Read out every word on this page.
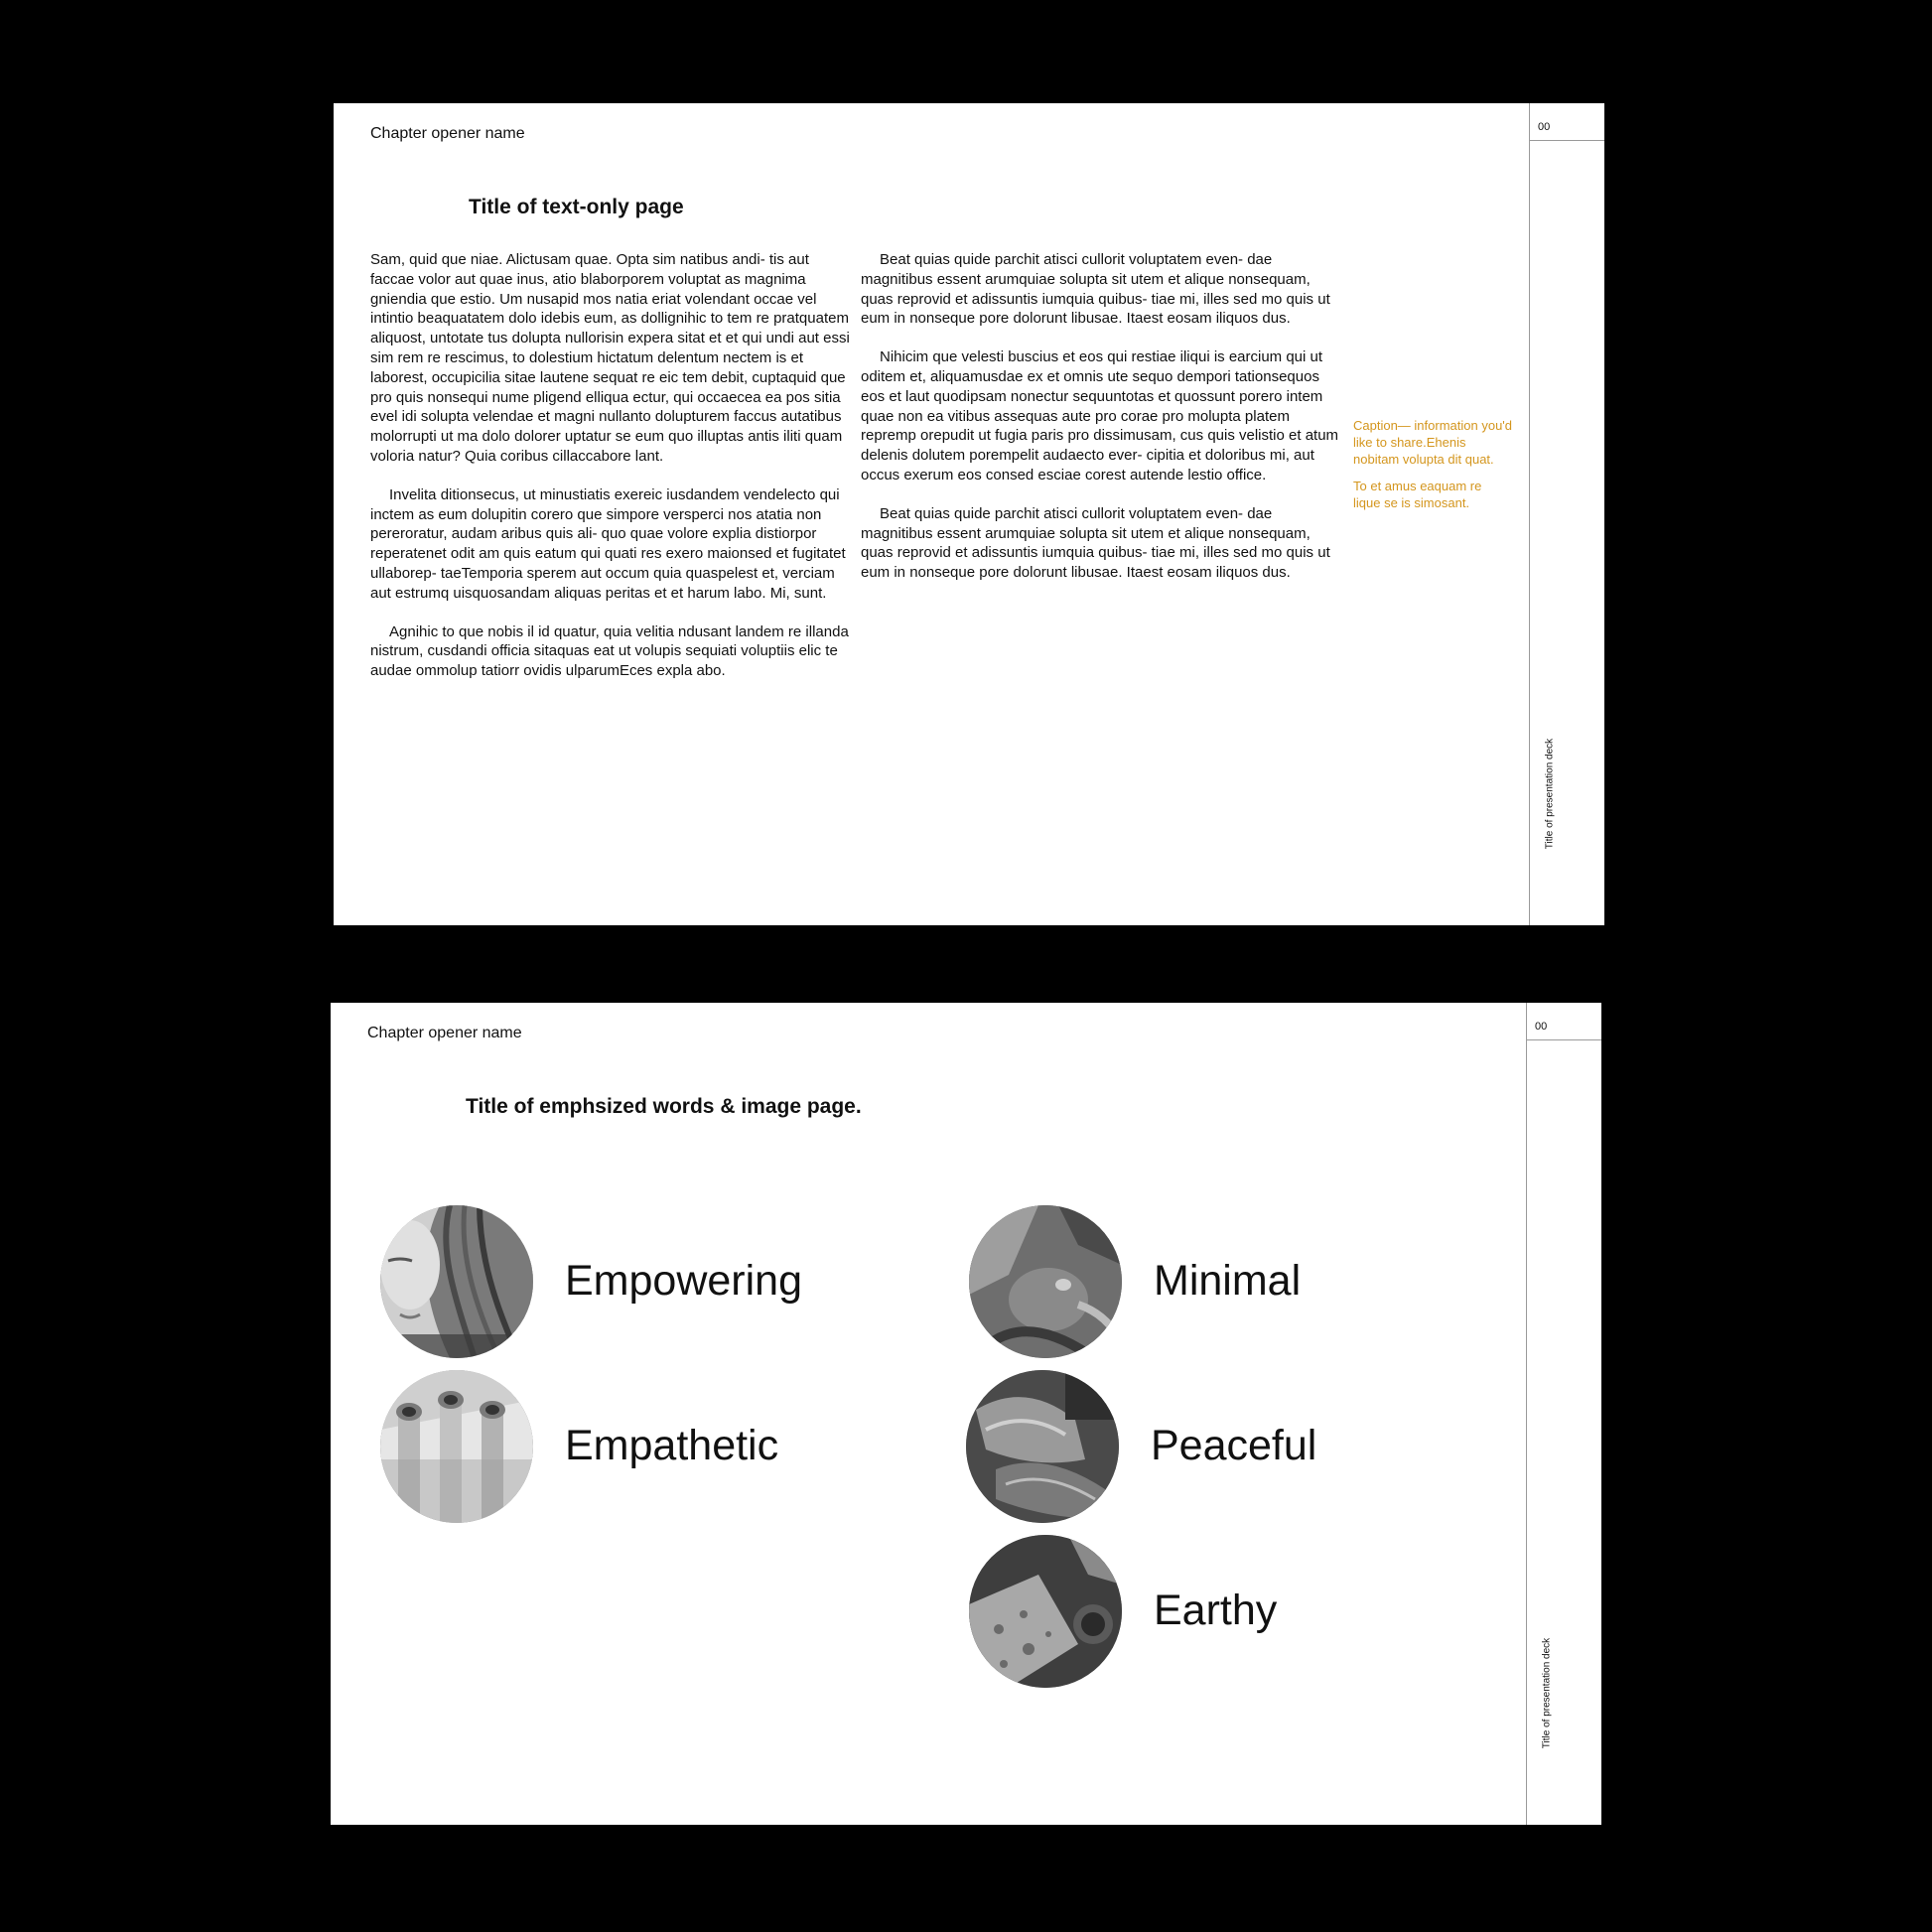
Chapter opener name	00
Title of presentation deck
Title of text-only page

Sam, quid que niae. Alictusam quae. Opta sim natibus andi- tis aut faccae volor aut quae inus, atio blaborporem voluptat as magnima gniendia que estio. Um nusapid mos natia eriat volendant occae vel intintio beaquatatem dolo idebis eum, as dollignihic to tem re pratquatem aliquost, untotate tus dolupta nullorisin expera sitat et et qui undi aut essi sim rem re rescimus, to dolestium hictatum delentum nectem is et laborest, occupicilia sitae lautene sequat re eic tem debit, cuptaquid que pro quis nonsequi nume pligend elliqua ectur, qui occaecea ea pos sitia evel idi solupta velendae et magni nullanto dolupturem faccus autatibus molorrupti ut ma dolo dolorer uptatur se eum quo illuptas antis iliti quam voloria natur? Quia coribus cillaccabore lant.

Invelita ditionsecus, ut minustiatis exereic iusdandem vendelecto qui inctem as eum dolupitin corero que simpore versperci nos atatia non pereroratur, audam aribus quis ali- quo quae volore explia distiorpor reperatenet odit am quis eatum qui quati res exero maionsed et fugitatet ullaborep- taeTemporia sperem aut occum quia quaspelest et, verciam aut estrumq uisquosandam aliquas peritas et et harum labo. Mi, sunt.

Agnihic to que nobis il id quatur, quia velitia ndusant landem re illanda nistrum, cusdandi officia sitaquas eat ut volupis sequiati voluptiis elic te audae ommolup tatiorr ovidis ulparumEces expla abo.

Beat quias quide parchit atisci cullorit voluptatem even- dae magnitibus essent arumquiae solupta sit utem et alique nonsequam, quas reprovid et adissuntis iumquia quibus- tiae mi, illes sed mo quis ut eum in nonseque pore dolorunt libusae. Itaest eosam iliquos dus.

Nihicim que velesti buscius et eos qui restiae iliqui is earcium qui ut oditem et, aliquamusdae ex et omnis ute sequo dempori tationsequos eos et laut quodipsam nonectur sequuntotas et quossunt porero intem quae non ea vitibus assequas aute pro corae pro molupta platem repremp orepudit ut fugia paris pro dissimusam, cus quis velistio et atum delenis dolutem porempelit audaecto ever- cipitia et doloribus mi, aut occus exerum eos consed esciae corest autende lestio office.

Beat quias quide parchit atisci cullorit voluptatem even- dae magnitibus essent arumquiae solupta sit utem et alique nonsequam, quas reprovid et adissuntis iumquia quibus- tiae mi, illes sed mo quis ut eum in nonseque pore dolorunt libusae. Itaest eosam iliquos dus.

Caption— information you'd like to share.Ehenis nobitam volupta dit quat.

To et amus eaquam re lique se is simosant.

Chapter opener name	00
Title of presentation deck
Title of emphsized words & image page.
Empowering
Empathetic
Minimal
Peaceful
Earthy
